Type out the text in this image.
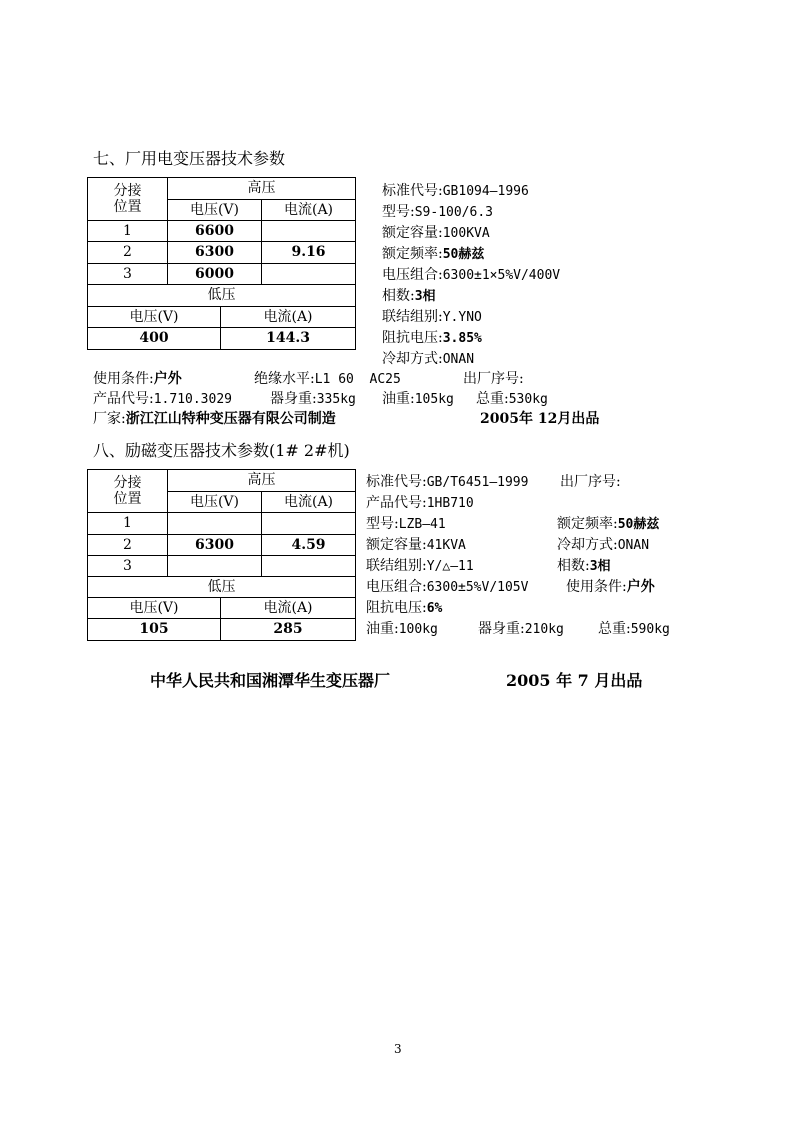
七、厂用电变压器技术参数
分接
位置	高压		
	电压(V)		电流(A)
1	6600		
2	6300		9.16
3	6000		
低压			
电压(V)		电流(A)	
400		144.3	
标准代号:GB1094—1996
型号:S9-100/6.3
额定容量:100KVA
额定频率:50赫兹
电压组合:6300±1×5%V/400V
相数:3相
联结组别:Y.YNO
阻抗电压:3.85%
冷却方式:ONAN
使用条件:户外	绝缘水平:L1 60  AC25	出厂序号:
产品代号:1.710.3029	器身重:335kg 油重:105kg 总重:530kg
厂家:浙江江山特种变压器有限公司制造	2005年 12月出品
八、励磁变压器技术参数(1# 2#机)
分接
位置	高压		
	电压(V)		电流(A)
1			
2	6300		4.59
3			
低压			
电压(V)		电流(A)	
105		285	
标准代号:GB/T6451—1999 出厂序号:
产品代号:1HB710
型号:LZB—41	额定频率:50赫兹
额定容量:41KVA	冷却方式:ONAN
联结组别:Y/△—11	相数:3相
电压组合:6300±5%V/105V	使用条件:户外
阻抗电压:6%
油重:100kg	器身重:210kg 总重:590kg
中华人民共和国湘潭华生变压器厂	2005 年 7 月出品
3
